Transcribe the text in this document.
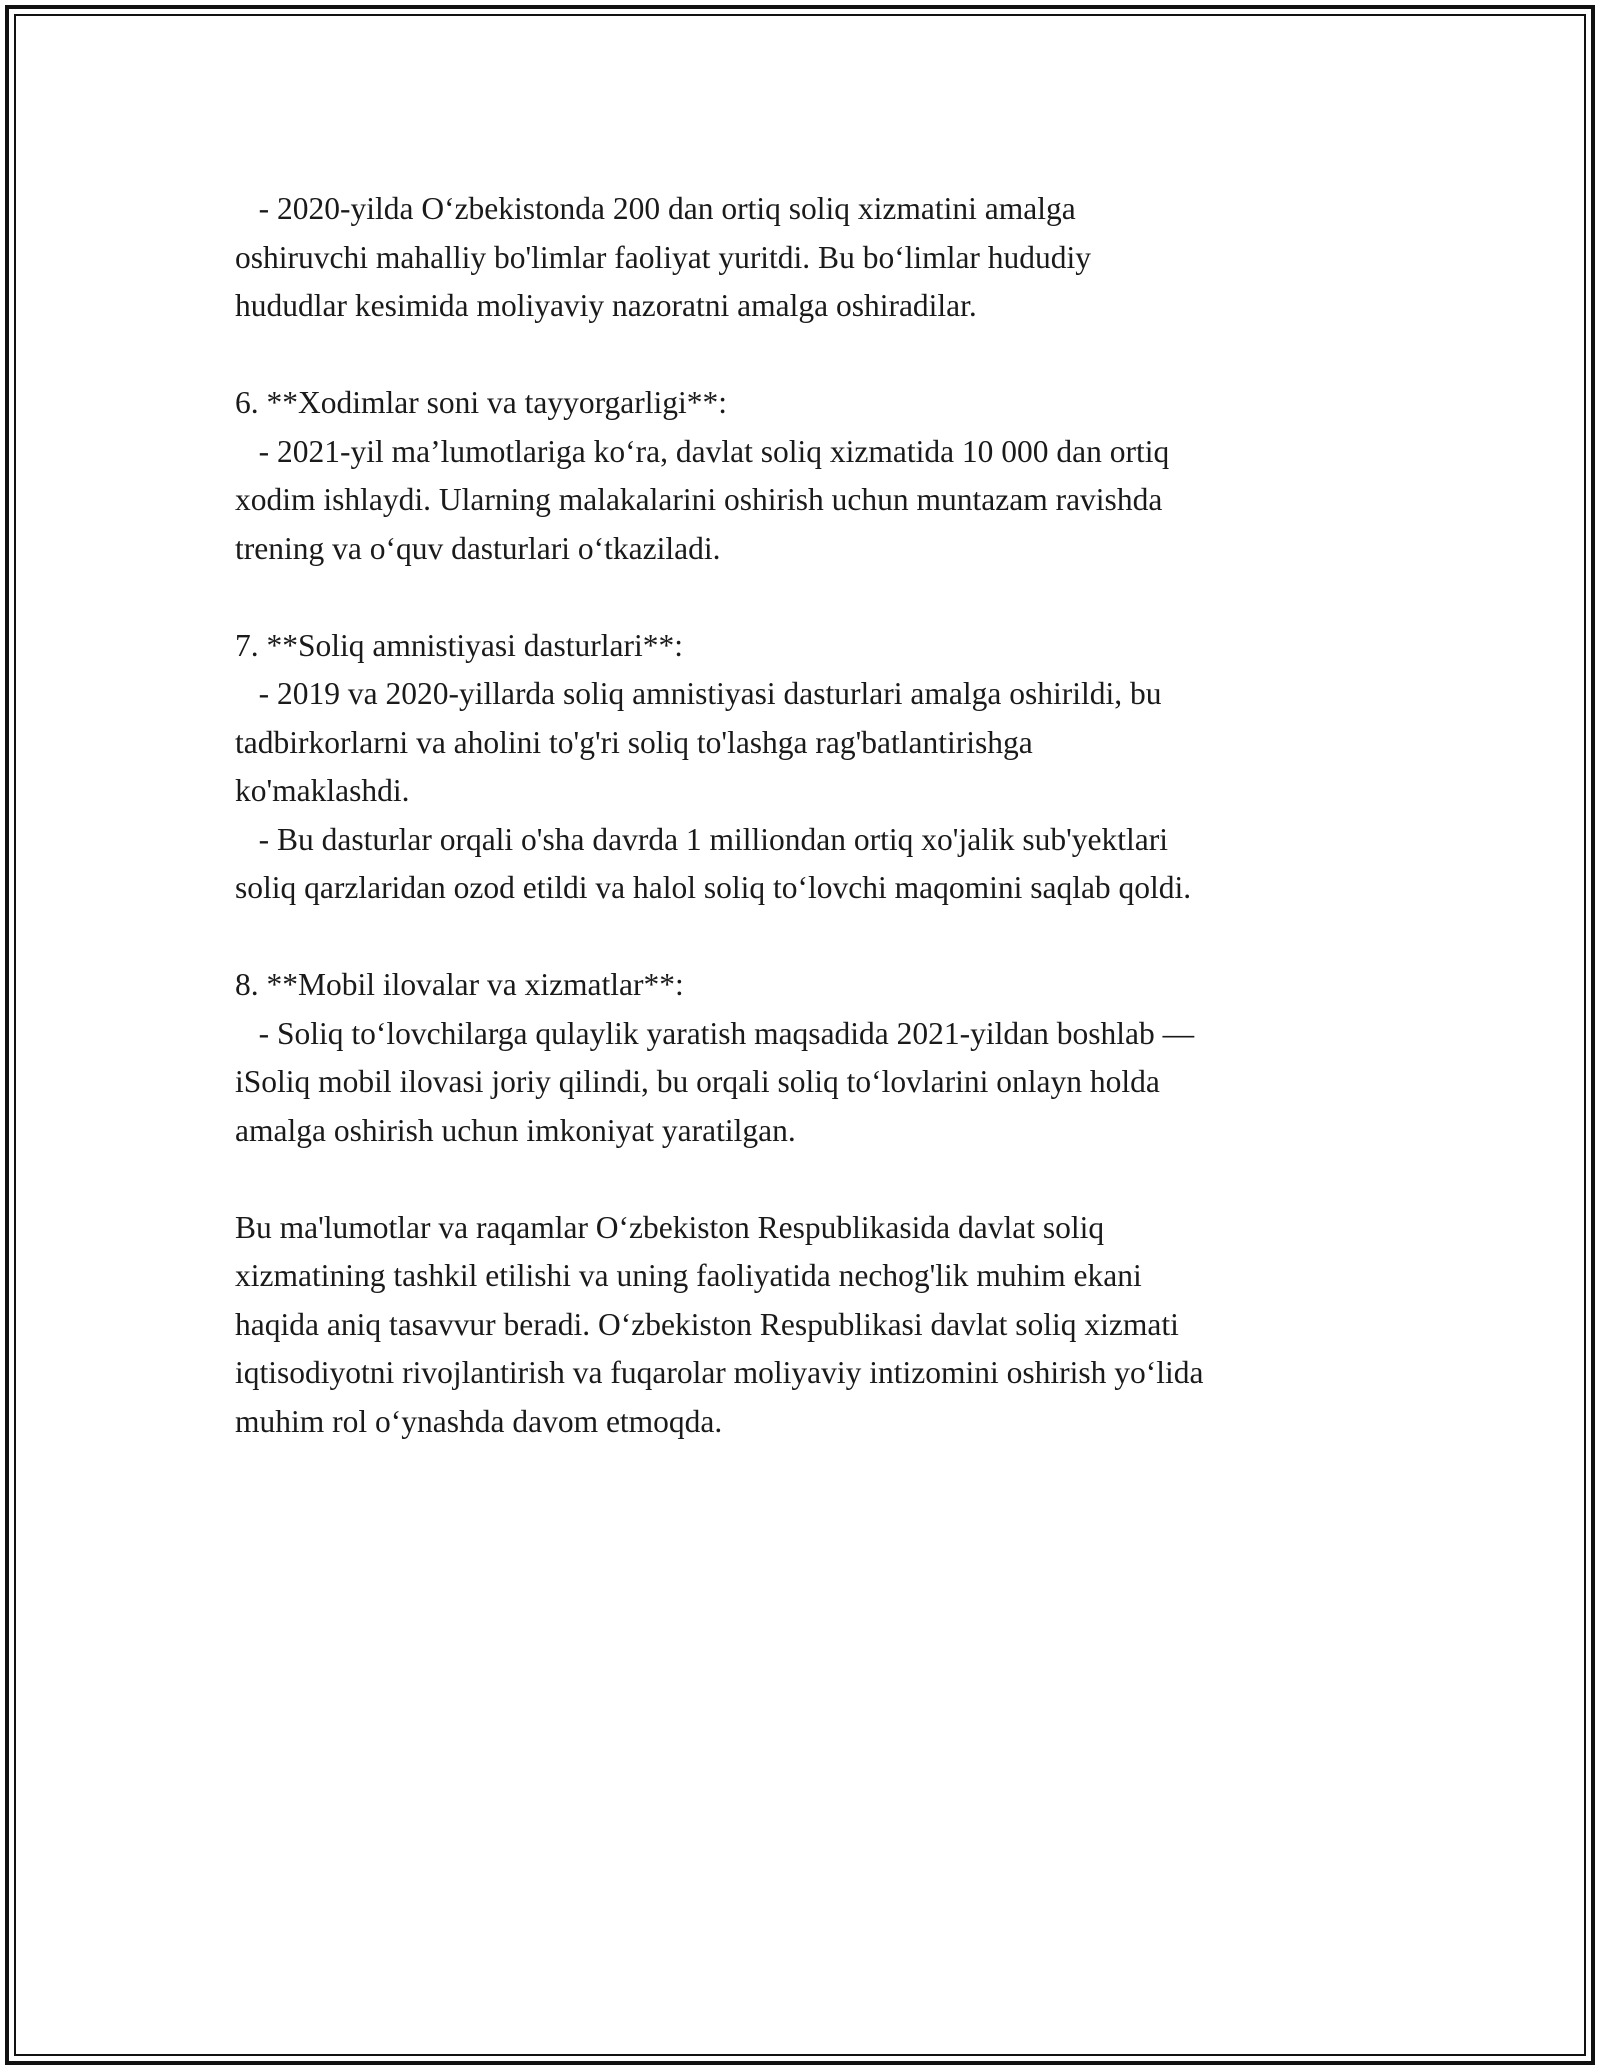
- 2020-yilda O‘zbekistonda 200 dan ortiq soliq xizmatini amalga
oshiruvchi mahalliy bo'limlar faoliyat yuritdi. Bu bo‘limlar hududiy
hududlar kesimida moliyaviy nazoratni amalga oshiradilar.
6. **Xodimlar soni va tayyorgarligi**:
- 2021-yil ma’lumotlariga ko‘ra, davlat soliq xizmatida 10 000 dan ortiq
xodim ishlaydi. Ularning malakalarini oshirish uchun muntazam ravishda
trening va o‘quv dasturlari o‘tkaziladi.
7. **Soliq amnistiyasi dasturlari**:
- 2019 va 2020-yillarda soliq amnistiyasi dasturlari amalga oshirildi, bu
tadbirkorlarni va aholini to'g'ri soliq to'lashga rag'batlantirishga
ko'maklashdi.
- Bu dasturlar orqali o'sha davrda 1 milliondan ortiq xo'jalik sub'yektlari
soliq qarzlaridan ozod etildi va halol soliq to‘lovchi maqomini saqlab qoldi.
8. **Mobil ilovalar va xizmatlar**:
- Soliq to‘lovchilarga qulaylik yaratish maqsadida 2021-yildan boshlab —
iSoliq mobil ilovasi joriy qilindi, bu orqali soliq to‘lovlarini onlayn holda
amalga oshirish uchun imkoniyat yaratilgan.
Bu ma'lumotlar va raqamlar O‘zbekiston Respublikasida davlat soliq
xizmatining tashkil etilishi va uning faoliyatida nechog'lik muhim ekani
haqida aniq tasavvur beradi. O‘zbekiston Respublikasi davlat soliq xizmati
iqtisodiyotni rivojlantirish va fuqarolar moliyaviy intizomini oshirish yo‘lida
muhim rol o‘ynashda davom etmoqda.
